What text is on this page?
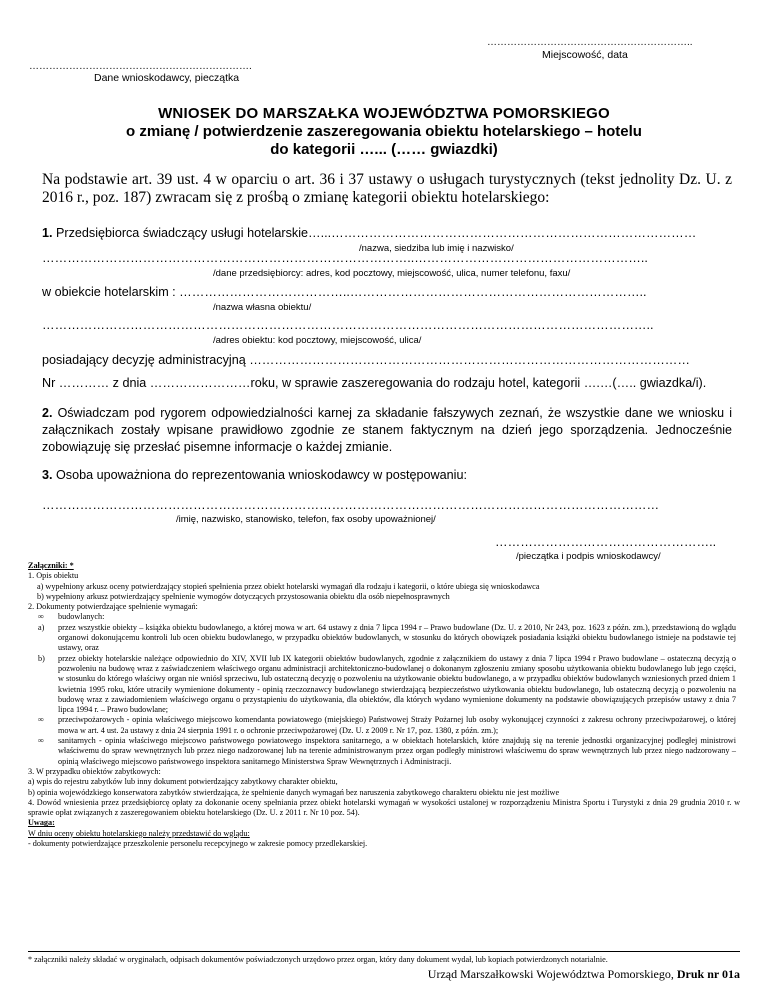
……………………………………………………..
Miejscowość, data
………………………………………………………….
Dane wnioskodawcy, pieczątka
WNIOSEK DO MARSZAŁKA WOJEWÓDZTWA POMORSKIEGO
o zmianę / potwierdzenie zaszeregowania obiektu hotelarskiego – hotelu
do kategorii …... (…… gwiazdki)
Na podstawie art. 39 ust. 4 w oparciu o art. 36 i 37 ustawy o usługach turystycznych (tekst jednolity Dz. U. z 2016 r., poz. 187) zwracam się z prośbą o zmianę kategorii obiektu hotelarskiego:
1. Przedsiębiorca świadczący usługi hotelarskie…...……………………………………………………………………………
/nazwa, siedziba lub imię i nazwisko/
……………………………………………………………………………..………………………………………………..
/dane przedsiębiorcy: adres, kod pocztowy, miejscowość, ulica, numer telefonu, faxu/
w obiekcie hotelarskim : …………………………………..……………………………………………………………..
/nazwa własna obiektu/
………………………………………………………………………………………………………………………………..
/adres obiektu: kod pocztowy, miejscowość, ulica/
posiadający decyzję administracyjną ……………………………………………………………………………………………
Nr ………… z dnia ……………………roku, w sprawie zaszeregowania do rodzaju hotel, kategorii ….…(….. gwiazdka/i).
2. Oświadczam pod rygorem odpowiedzialności karnej za składanie fałszywych zeznań, że wszystkie dane we wniosku i załącznikach zostały wpisane prawidłowo zgodnie ze stanem faktycznym na dzień jego sporządzenia. Jednocześnie zobowiązuję się przesłać pisemne informacje o każdej zmianie.
3. Osoba upoważniona do reprezentowania wnioskodawcy w postępowaniu:
…………………………………………………………………………………………………………………………………
/imię, nazwisko, stanowisko, telefon, fax osoby upoważnionej/
……………………………………………..
/pieczątka i podpis wnioskodawcy/
Załączniki: *
1. Opis obiektu
a) wypełniony arkusz oceny potwierdzający stopień spełnienia przez obiekt hotelarski wymagań dla rodzaju i kategorii, o które ubiega się wnioskodawca
b) wypełniony arkusz potwierdzający spełnienie wymogów dotyczących przystosowania obiektu dla osób niepełnosprawnych
2. Dokumenty potwierdzające spełnienie wymagań:
∞	budowlanych:
a)	przez wszystkie obiekty – książka obiektu budowlanego, a której mowa w art. 64 ustawy z dnia 7 lipca 1994 r – Prawo budowlane (Dz. U. z 2010, Nr 243, poz. 1623 z późn. zm.), przedstawioną do wglądu organowi dokonującemu kontroli lub ocen obiektu budowlanego, w przypadku obiektów budowlanych, w stosunku do których obowiązek posiadania książki obiektu budowlanego istnieje na podstawie tej ustawy, oraz
b)	przez obiekty hotelarskie należące odpowiednio do XIV, XVII lub IX kategorii obiektów budowlanych, zgodnie z załącznikiem do ustawy z dnia 7 lipca 1994 r Prawo budowlane – ostateczną decyzją o pozwoleniu na budowę wraz z zaświadczeniem właściwego organu administracji architektoniczno-budowlanej o dokonanym zgłoszeniu zmiany sposobu użytkowania obiektu budowlanego lub jego części, w stosunku do którego właściwy organ nie wniósł sprzeciwu, lub ostateczną decyzję o pozwoleniu na użytkowanie obiektu budowlanego, a w przypadku obiektów budowlanych wzniesionych przed dniem 1 kwietnia 1995 roku, które utraciły wymienione dokumenty - opinią rzeczoznawcy budowlanego stwierdzającą bezpieczeństwo użytkowania obiektu budowlanego, lub ostateczną decyzją o pozwoleniu na budowę wraz z zawiadomieniem właściwego organu o przystąpieniu do użytkowania, dla obiektów, dla których wydano wymienione dokumenty na podstawie obowiązujących przepisów ustawy z dnia 7 lipca 1994 r. – Prawo budowlane;
∞	przeciwpożarowych - opinia właściwego miejscowo komendanta powiatowego (miejskiego) Państwowej Straży Pożarnej lub osoby wykonującej czynności z zakresu ochrony przeciwpożarowej, o której mowa w art. 4 ust. 2a ustawy z dnia 24 sierpnia 1991 r. o ochronie przeciwpożarowej (Dz. U. z 2009 r. Nr 17, poz. 1380, z późn. zm.);
∞	sanitarnych - opinia właściwego miejscowo państwowego powiatowego inspektora sanitarnego, a w obiektach hotelarskich, które znajdują się na terenie jednostki organizacyjnej podległej ministrowi właściwemu do spraw wewnętrznych lub przez niego nadzorowanej lub na terenie administrowanym przez organ podległy ministrowi właściwemu do spraw wewnętrznych lub przez niego nadzorowany – opinią właściwego miejscowo państwowego inspektora sanitarnego Ministerstwa Spraw Wewnętrznych i Administracji.
3. W przypadku obiektów zabytkowych:
a) wpis do rejestru zabytków lub inny dokument potwierdzający zabytkowy charakter obiektu,
b) opinia wojewódzkiego konserwatora zabytków stwierdzająca, że spełnienie danych wymagań bez naruszenia zabytkowego charakteru obiektu nie jest możliwe
4. Dowód wniesienia przez przedsiębiorcę opłaty za dokonanie oceny spełniania przez obiekt hotelarski wymagań w wysokości ustalonej w rozporządzeniu Ministra Sportu i Turystyki z dnia 29 grudnia 2010 r. w sprawie opłat związanych z zaszeregowaniem obiektu hotelarskiego (Dz. U. z 2011 r. Nr 10 poz. 54).
Uwaga:
W dniu oceny obiektu hotelarskiego należy przedstawić do wglądu:
- dokumenty potwierdzające przeszkolenie personelu recepcyjnego w zakresie pomocy przedlekarskiej.
* załączniki należy składać w oryginałach, odpisach dokumentów poświadczonych urzędowo przez organ, który dany dokument wydał, lub kopiach potwierdzonych notarialnie.
Urząd Marszałkowski Województwa Pomorskiego, Druk nr 01a
